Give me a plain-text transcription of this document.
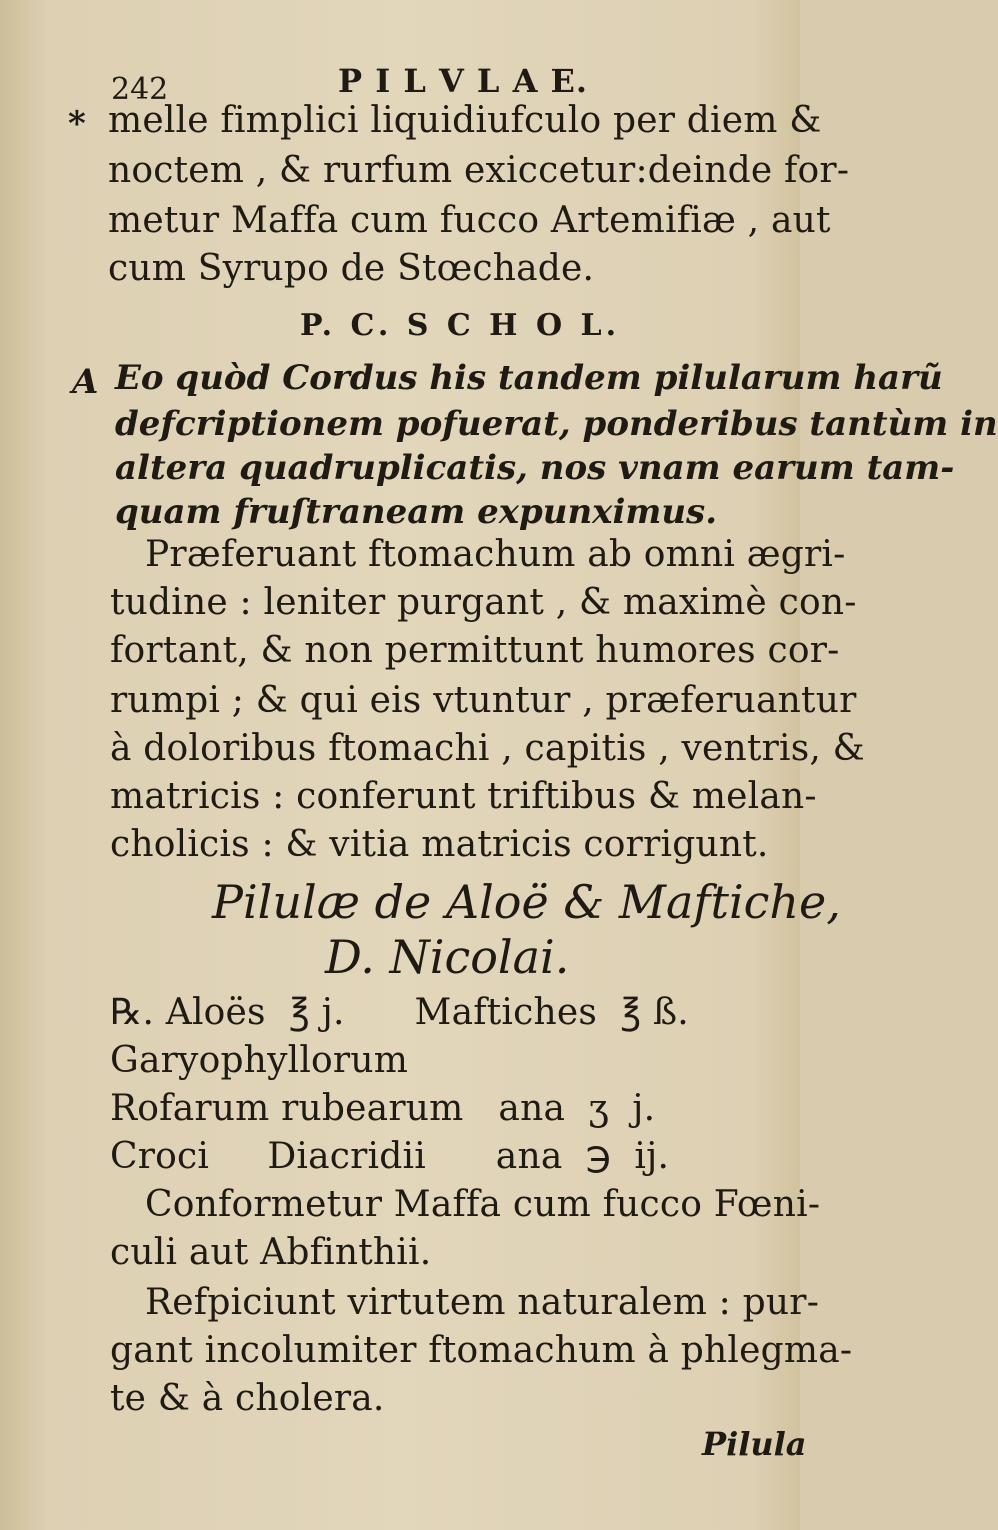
242	P I L V L A E.
*
A
melle fimplici liquidiufculo per diem &
noctem , & rurfum exiccetur:deinde for-
metur Maffa cum fucco Artemifiæ , aut
cum Syrupo de Stœchade.
P. C. S C H O L.
Eo quòd Cordus his tandem pilularum harũ
defcriptionem pofuerat, ponderibus tantùm in
altera quadruplicatis, nos vnam earum tam-
quam fruſtraneam expunximus.
Præferuant ftomachum ab omni ægri-
tudine : leniter purgant , & maximè con-
fortant, & non permittunt humores cor-
rumpi ; & qui eis vtuntur , præferuantur
à doloribus ftomachi , capitis , ventris, &
matricis : conferunt triftibus & melan-
cholicis : & vitia matricis corrigunt.
Pilulæ de Aloë & Maftiche,
D. Nicolai.
℞. Aloës  ℥ j.      Maftiches  ℥ ß.
Garyophyllorum
Rofarum rubearum   ana  ʒ  j.
Croci     Diacridii      ana  ℈  ij.
Conformetur Maffa cum fucco Fœni-
culi aut Abfinthii.
Refpiciunt virtutem naturalem : pur-
gant incolumiter ftomachum à phlegma-
te & à cholera.
Pilula
